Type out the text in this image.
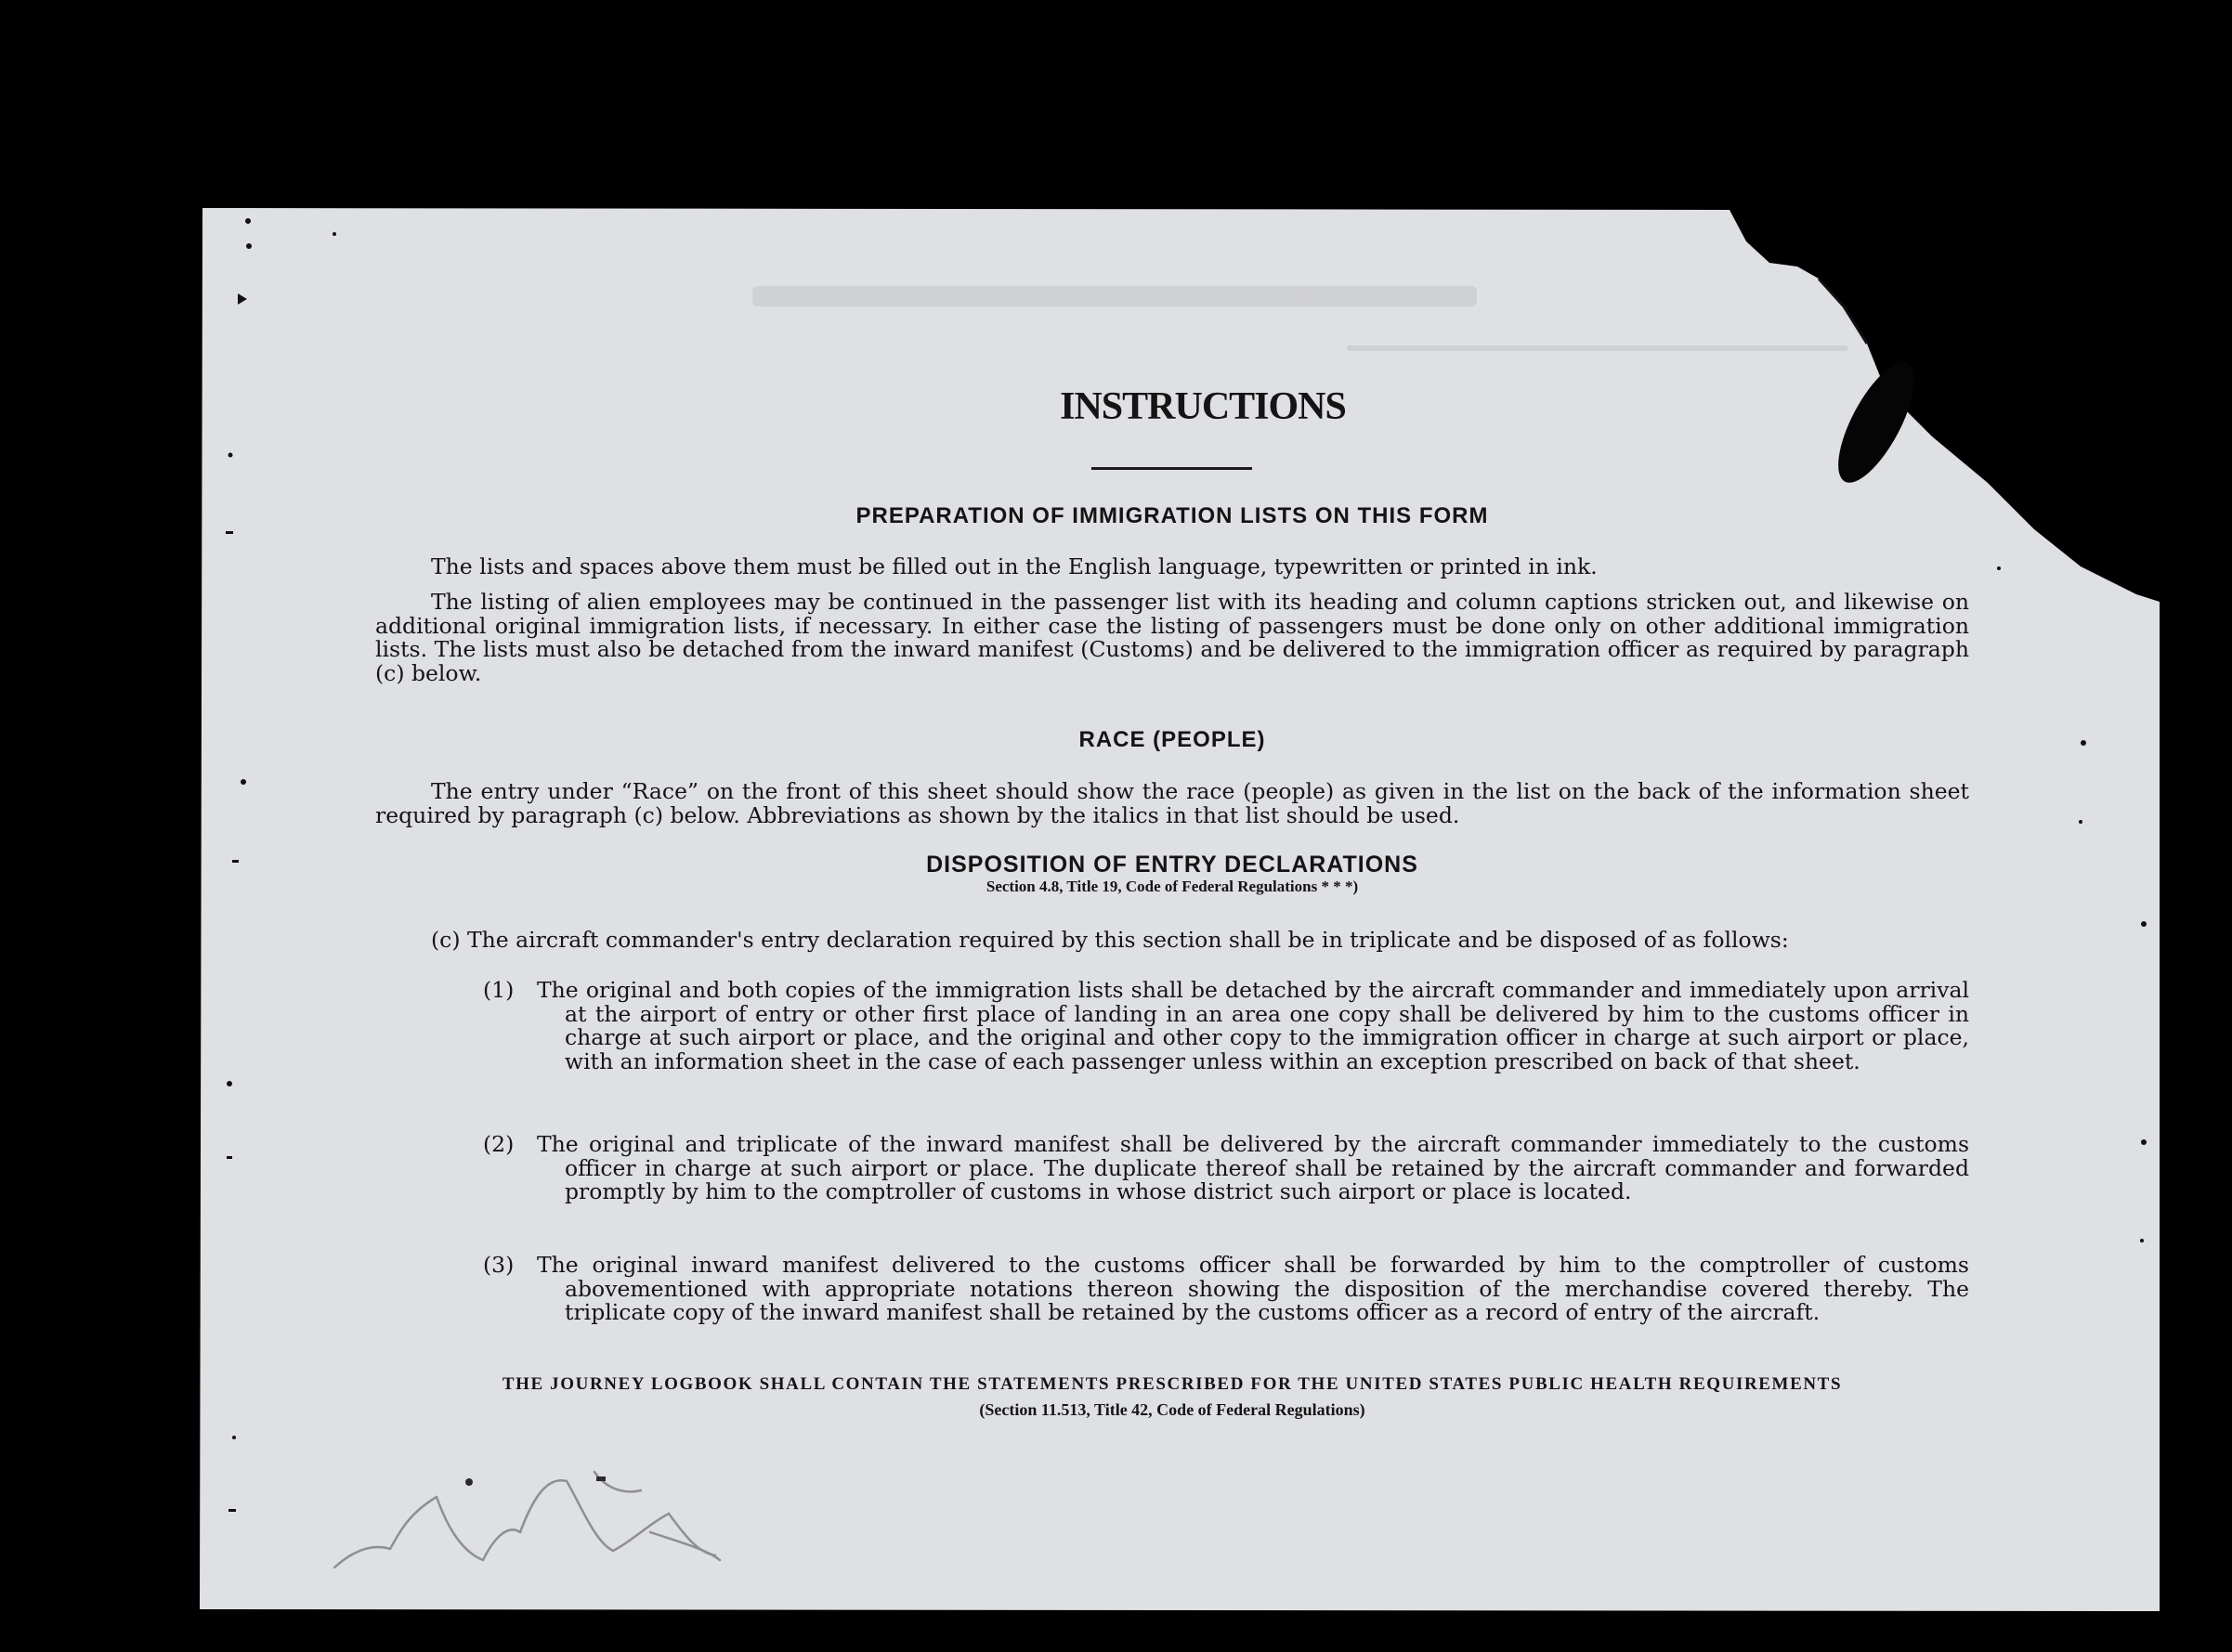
INSTRUCTIONS
PREPARATION OF IMMIGRATION LISTS ON THIS FORM
The lists and spaces above them must be filled out in the English language, typewritten or printed in ink.
The listing of alien employees may be continued in the passenger list with its heading and column captions stricken out, and likewise on additional original immigration lists, if necessary. In either case the listing of passengers must be done only on other additional immigration lists. The lists must also be detached from the inward manifest (Customs) and be delivered to the immigration officer as required by paragraph (c) below.
RACE (PEOPLE)
The entry under “Race” on the front of this sheet should show the race (people) as given in the list on the back of the information sheet required by paragraph (c) below. Abbreviations as shown by the italics in that list should be used.
DISPOSITION OF ENTRY DECLARATIONS
Section 4.8, Title 19, Code of Federal Regulations * * *)
(c) The aircraft commander's entry declaration required by this section shall be in triplicate and be disposed of as follows:
(1) The original and both copies of the immigration lists shall be detached by the aircraft commander and immediately upon arrival at the airport of entry or other first place of landing in an area one copy shall be delivered by him to the customs officer in charge at such airport or place, and the original and other copy to the immigration officer in charge at such airport or place, with an information sheet in the case of each passenger unless within an exception prescribed on back of that sheet.
(2) The original and triplicate of the inward manifest shall be delivered by the aircraft commander immediately to the customs officer in charge at such airport or place. The duplicate thereof shall be retained by the aircraft commander and forwarded promptly by him to the comptroller of customs in whose district such airport or place is located.
(3) The original inward manifest delivered to the customs officer shall be forwarded by him to the comptroller of customs abovementioned with appropriate notations thereon showing the disposition of the merchandise covered thereby. The triplicate copy of the inward manifest shall be retained by the customs officer as a record of entry of the aircraft.
THE JOURNEY LOGBOOK SHALL CONTAIN THE STATEMENTS PRESCRIBED FOR THE UNITED STATES PUBLIC HEALTH REQUIREMENTS
(Section 11.513, Title 42, Code of Federal Regulations)
